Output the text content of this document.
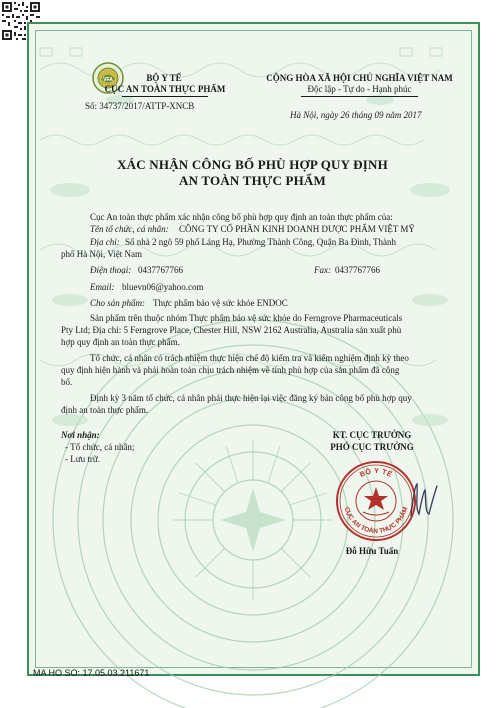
VFA	BỘ Y TẾ
CỤC AN TOÀN THỰC PHẨM
Số: 34737/2017/ATTP-XNCB
CỘNG HÒA XÃ HỘI CHỦ NGHĨA VIỆT NAM
Độc lập - Tự do - Hạnh phúc
Hà Nội, ngày 26 tháng 09 năm 2017
XÁC NHẬN CÔNG BỐ PHÙ HỢP QUY ĐỊNH
AN TOÀN THỰC PHẨM
Cục An toàn thực phẩm xác nhận công bố phù hợp quy định an toàn thực phẩm của:
Tên tổ chức, cá nhân: CÔNG TY CỔ PHẦN KINH DOANH DƯỢC PHẨM VIỆT MỸ
Địa chỉ: Số nhà 2 ngõ 59 phố Láng Hạ, Phường Thành Công, Quận Ba Đình, Thành
phố Hà Nội, Việt Nam
Điện thoại: 0437767766	Fax: 0437767766
Email: bluevn06@yahoo.com
Cho sản phẩm: Thực phẩm bảo vệ sức khỏe ENDOC
Sản phẩm trên thuộc nhóm Thực phẩm bảo vệ sức khỏe do Ferngrove Pharmaceuticals
Pty Ltd; Địa chỉ: 5 Ferngrove Place, Chester Hill, NSW 2162 Australia, Australia sản xuất phù
hợp quy định an toàn thực phẩm.
Tổ chức, cá nhân có trách nhiệm thực hiện chế độ kiểm tra và kiểm nghiệm định kỳ theo
quy định hiện hành và phải hoàn toàn chịu trách nhiệm về tính phù hợp của sản phẩm đã công
bố.
Định kỳ 3 năm tổ chức, cá nhân phải thực hiện lại việc đăng ký bản công bố phù hợp quy
định an toàn thực phẩm.
Nơi nhận:
- Tổ chức, cá nhân;
- Lưu trữ.
KT. CỤC TRƯỞNG
PHÓ CỤC TRƯỞNG
BỘ Y TẾ
CỤC AN TOÀN THỰC PHẨM
Đỗ Hữu Tuấn
MA HO SO: 17.05.03.211671
